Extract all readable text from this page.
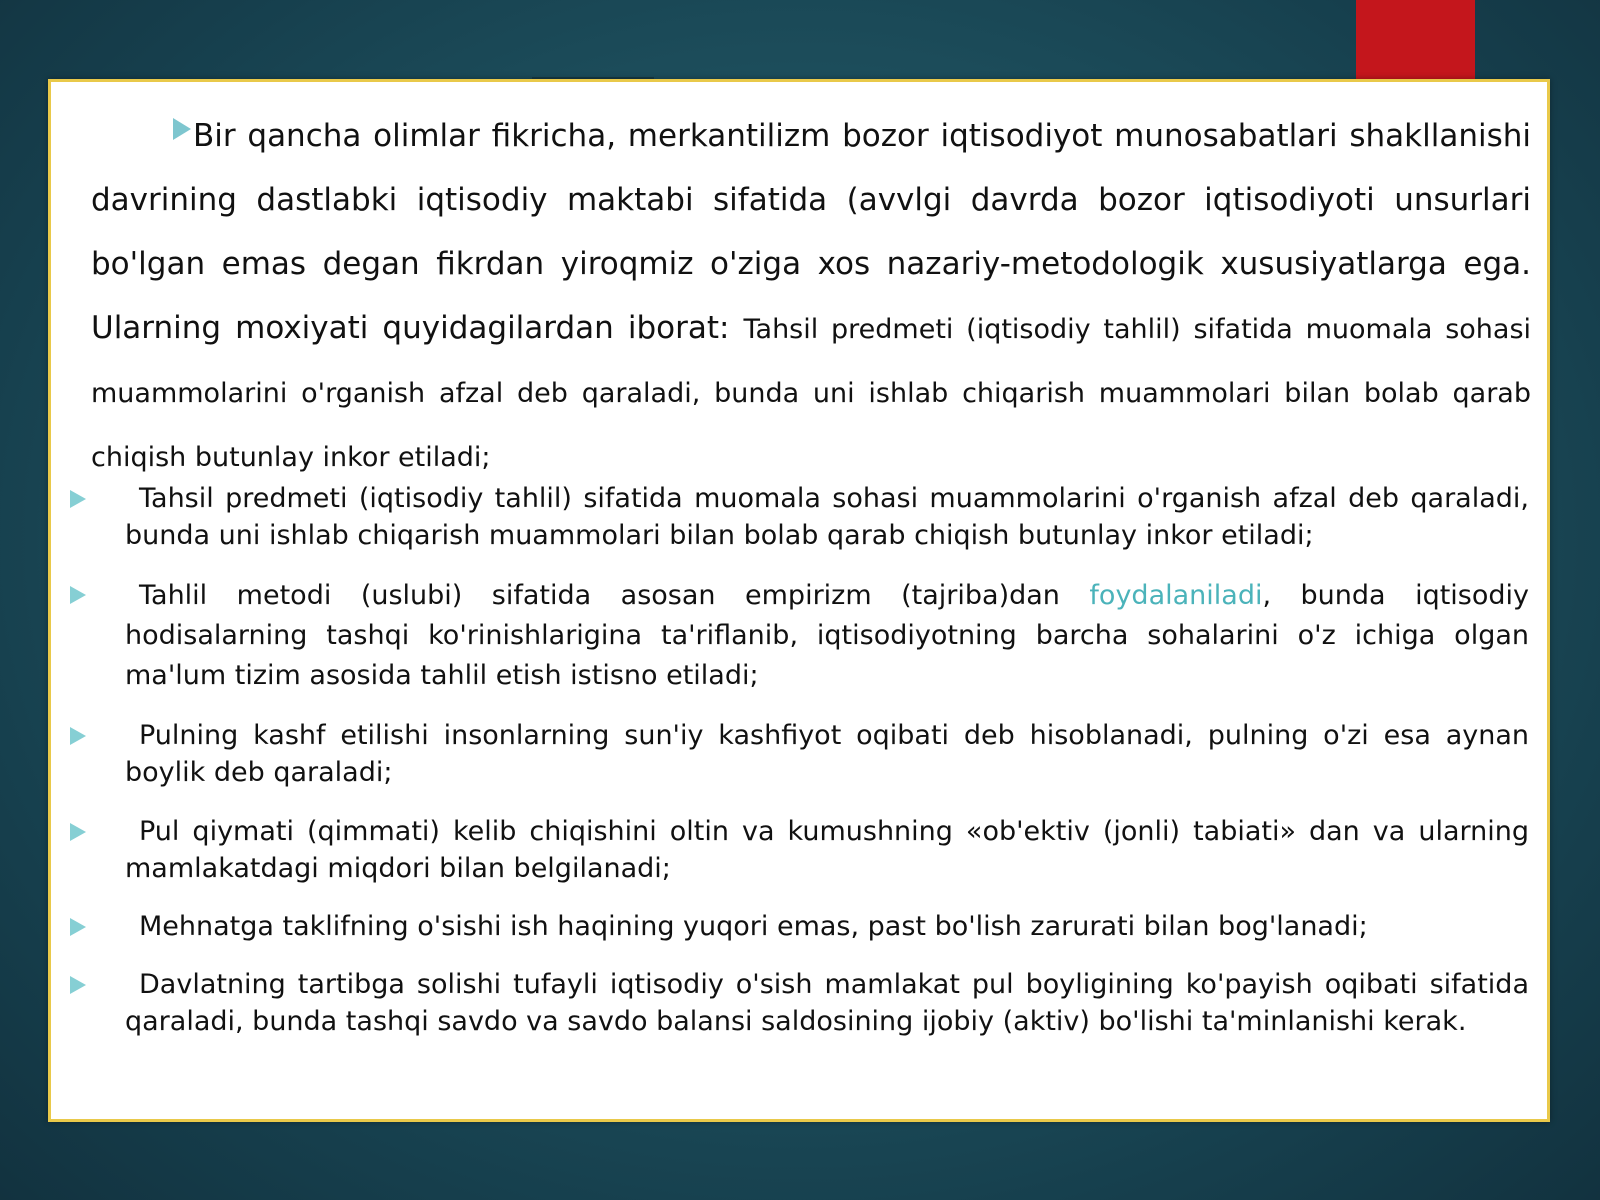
Bir qancha olimlar fikricha, merkantilizm bozor iqtisodiyot munosabatlari shakllanishi davrining dastlabki iqtisodiy maktabi sifatida (avvlgi davrda bozor iqtisodiyoti unsurlari bo'lgan emas degan fikrdan yiroqmiz o'ziga xos nazariy-metodologik xususiyatlarga ega. Ularning moxiyati quyidagilardan iborat: Tahsil predmeti (iqtisodiy tahlil) sifatida muomala sohasi muammolarini o'rganish afzal deb qaraladi, bunda uni ishlab chiqarish muammolari bilan bolab qarab chiqish butunlay inkor etiladi;

Tahsil predmeti (iqtisodiy tahlil) sifatida muomala sohasi muammolarini o'rganish afzal deb qaraladi, bunda uni ishlab chiqarish muammolari bilan bolab qarab chiqish butunlay inkor etiladi;
Tahlil metodi (uslubi) sifatida asosan empirizm (tajriba)dan foydalaniladi, bunda iqtisodiy hodisalarning tashqi ko'rinishlarigina ta'riflanib, iqtisodiyotning barcha sohalarini o'z ichiga olgan ma'lum tizim asosida tahlil etish istisno etiladi;
Pulning kashf etilishi insonlarning sun'iy kashfiyot oqibati deb hisoblanadi, pulning o'zi esa aynan boylik deb qaraladi;
Pul qiymati (qimmati) kelib chiqishini oltin va kumushning «ob'ektiv (jonli) tabiati» dan va ularning mamlakatdagi miqdori bilan belgilanadi;
Mehnatga taklifning o'sishi ish haqining yuqori emas, past bo'lish zarurati bilan bog'lanadi;
Davlatning tartibga solishi tufayli iqtisodiy o'sish mamlakat pul boyligining ko'payish oqibati sifatida qaraladi, bunda tashqi savdo va savdo balansi saldosining ijobiy (aktiv) bo'lishi ta'minlanishi kerak.
